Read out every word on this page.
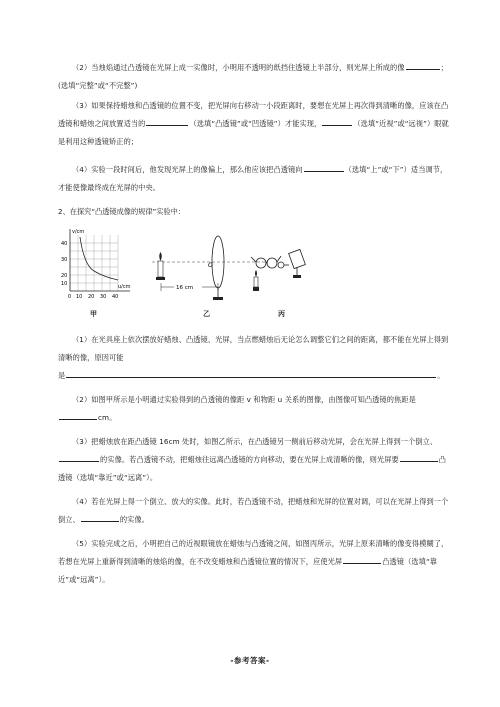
（2）当烛焰通过凸透镜在光屏上成一实像时，小明用不透明的纸挡住透镜上半部分，则光屏上所成的像	；(选填“完整”或“不完整”)
（3）如果保持蜡烛和凸透镜的位置不变，把光屏向右移动一小段距离时，要想在光屏上再次得到清晰的像，应该在凸透镜和蜡烛之间放置适当的	（选填“凸透镜”或“凹透镜”）才能实现，	（选填“近视”或“远视”）眼就是利用这种透镜矫正的；
（4）实验一段时间后，他发现光屏上的像偏上，那么他应该把凸透镜向	（选填“上”或“下”）适当调节，才能使像最终成在光屏的中央。
2、在探究“凸透镜成像的规律”实验中：
v/cm
u/cm
40
30
20
10
0 10 20 30 40
甲
O
16 cm
乙	丙
（1）在光具座上依次摆放好蜡烛、凸透镜、光屏，当点燃蜡烛后无论怎么调整它们之间的距离，都不能在光屏上得到清晰的像，原因可能
是	。
（2）如图甲所示是小明通过实验得到的凸透镜的像距 v 和物距 u 关系的图像，由图像可知凸透镜的焦距是cm。
（3）把蜡烛放在距凸透镜 16cm 处时，如图乙所示，在凸透镜另一侧前后移动光屏，会在光屏上得到一个倒立、的实像。若凸透镜不动，把蜡烛往远离凸透镜的方向移动，要在光屏上成清晰的像，则光屏要	凸透镜（选填“靠近”或“远离”）。
（4）若在光屏上得一个倒立、放大的实像。此时，若凸透镜不动，把蜡烛和光屏的位置对调，可以在光屏上得到一个倒立、	的实像。
（5）实验完成之后，小明把自己的近视眼镜放在蜡烛与凸透镜之间，如图丙所示，光屏上原来清晰的像变得模糊了，若想在光屏上重新得到清晰的烛焰的像，在不改变蜡烛和凸透镜位置的情况下，应使光屏	凸透镜（选填“靠近”或“远离”）。
-参考答案-
